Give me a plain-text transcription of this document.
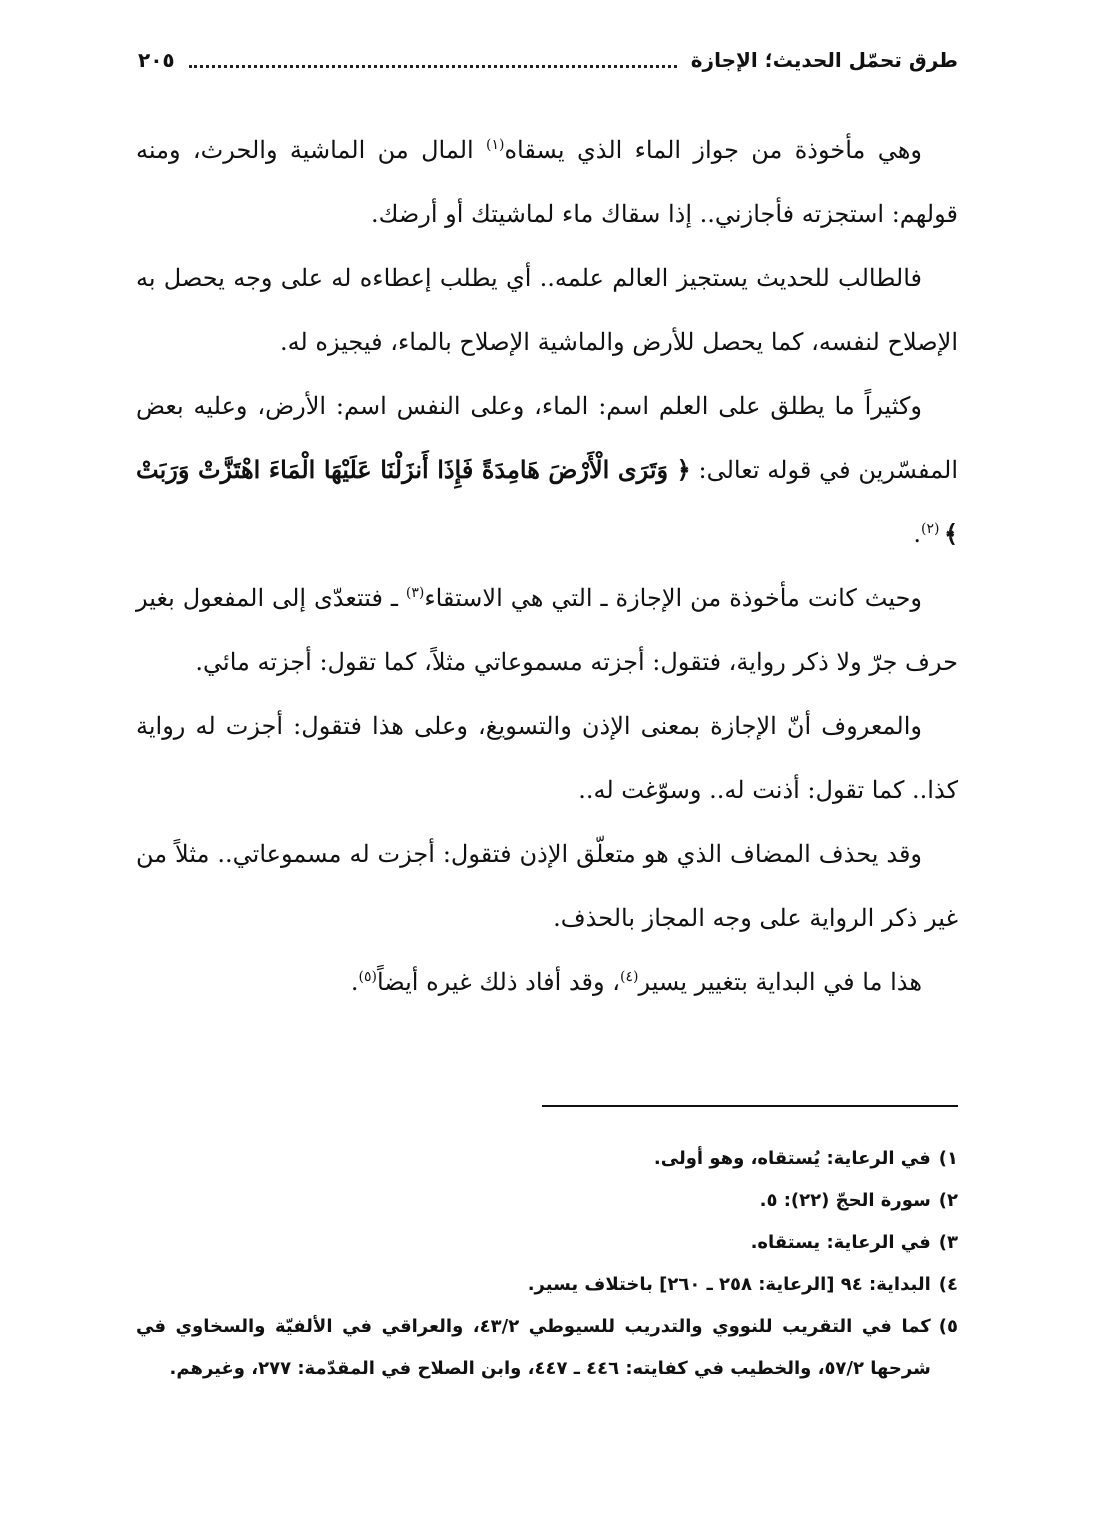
طرق تحمّل الحديث؛ الإجازة
٢٠٥

وهي مأخوذة من جواز الماء الذي يسقاه$^{(١)}$ المال من الماشية والحرث، ومنه قولهم: استجزته فأجازني.. إذا سقاك ماء لماشيتك أو أرضك.

فالطالب للحديث يستجيز العالم علمه.. أي يطلب إعطاءه له على وجه يحصل به الإصلاح لنفسه، كما يحصل للأرض والماشية الإصلاح بالماء، فيجيزه له.

وكثيراً ما يطلق على العلم اسم: الماء، وعلى النفس اسم: الأرض، وعليه بعض المفسّرين في قوله تعالى: ﴿ وَتَرَى الْأَرْضَ هَامِدَةً فَإِذَا أَنزَلْنَا عَلَيْهَا الْمَاءَ اهْتَزَّتْ وَرَبَتْ ﴾ $^{(٢)}$.

وحيث كانت مأخوذة من الإجازة ـ التي هي الاستقاء$^{(٣)}$ ـ فتتعدّى إلى المفعول بغير حرف جرّ ولا ذكر رواية، فتقول: أجزته مسموعاتي مثلاً، كما تقول: أجزته مائي.

والمعروف أنّ الإجازة بمعنى الإذن والتسويغ، وعلى هذا فتقول: أجزت له رواية كذا.. كما تقول: أذنت له.. وسوّغت له..

وقد يحذف المضاف الذي هو متعلّق الإذن فتقول: أجزت له مسموعاتي.. مثلاً من غير ذكر الرواية على وجه المجاز بالحذف.

هذا ما في البداية بتغيير يسير$^{(٤)}$، وقد أفاد ذلك غيره أيضاً$^{(٥)}$.

١)
في الرعاية: يُستقاه، وهو أولى.
٢)
سورة الحجّ (٢٢): ٥.
٣)
في الرعاية: يستقاه.
٤)
البداية: ٩٤ [الرعاية: ٢٥٨ ـ ٢٦٠] باختلاف يسير.
٥)
كما في التقريب للنووي والتدريب للسيوطي ٤٣/٢، والعراقي في الألفيّة والسخاوي في شرحها ٥٧/٢، والخطيب في كفايته: ٤٤٦ ـ ٤٤٧، وابن الصلاح في المقدّمة: ٢٧٧، وغيرهم.
